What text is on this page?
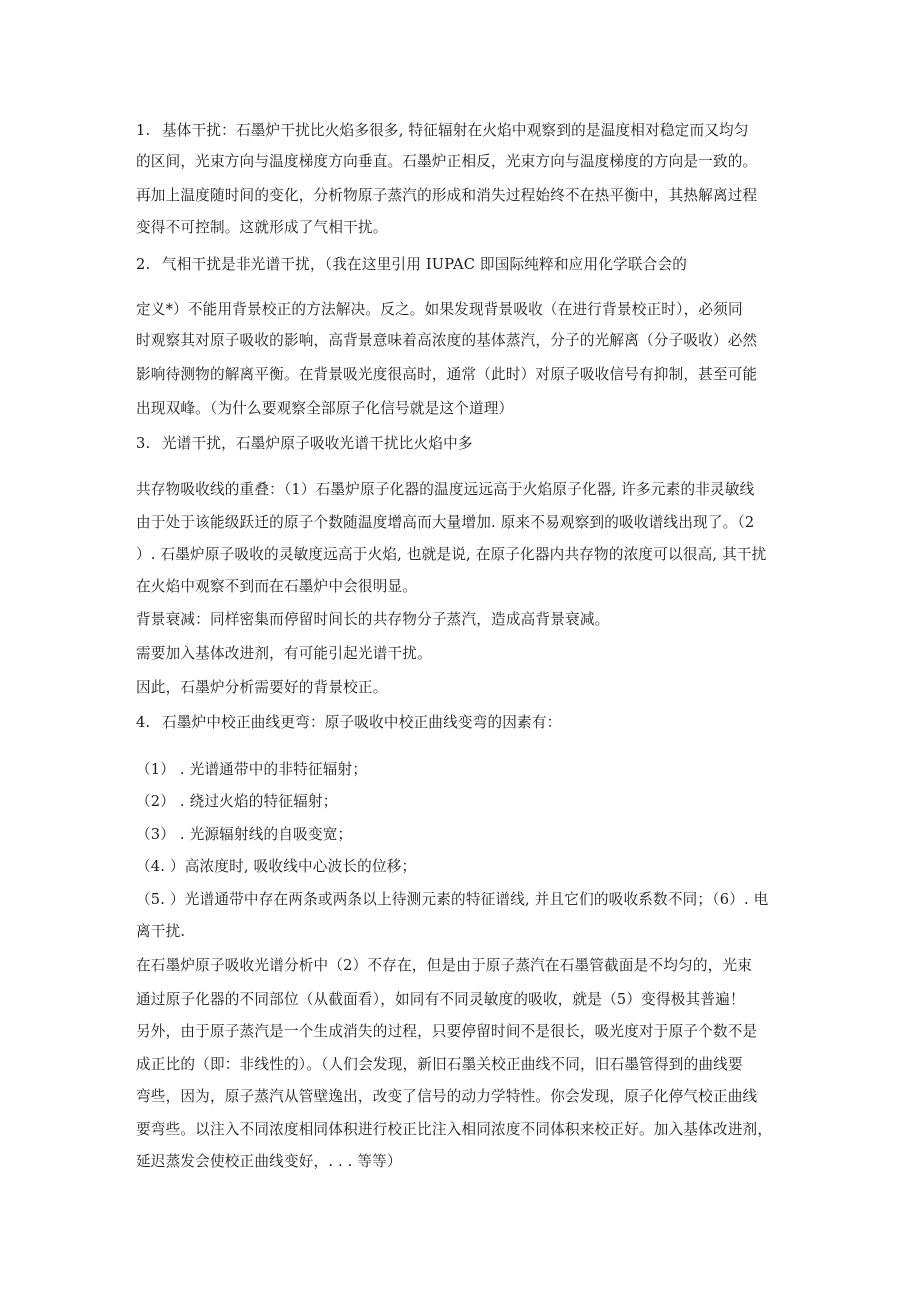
1. 基体干扰：石墨炉干扰比火焰多很多, 特征辐射在火焰中观察到的是温度相对稳定而又均匀
的区间，光束方向与温度梯度方向垂直。石墨炉正相反，光束方向与温度梯度的方向是一致的。
再加上温度随时间的变化，分析物原子蒸汽的形成和消失过程始终不在热平衡中，其热解离过程
变得不可控制。这就形成了气相干扰。
2. 气相干扰是非光谱干扰，（我在这里引用 IUPAC 即国际纯粹和应用化学联合会的
定义*）不能用背景校正的方法解决。反之。如果发现背景吸收（在进行背景校正时），必须同
时观察其对原子吸收的影响，高背景意味着高浓度的基体蒸汽，分子的光解离（分子吸收）必然
影响待测物的解离平衡。在背景吸光度很高时，通常（此时）对原子吸收信号有抑制，甚至可能
出现双峰。（为什么要观察全部原子化信号就是这个道理）
3. 光谱干扰，石墨炉原子吸收光谱干扰比火焰中多
共存物吸收线的重叠：（1）石墨炉原子化器的温度远远高于火焰原子化器, 许多元素的非灵敏线
由于处于该能级跃迁的原子个数随温度增高而大量增加. 原来不易观察到的吸收谱线出现了。（2
）. 石墨炉原子吸收的灵敏度远高于火焰, 也就是说, 在原子化器内共存物的浓度可以很高, 其干扰
在火焰中观察不到而在石墨炉中会很明显。
背景衰减：同样密集而停留时间长的共存物分子蒸汽，造成高背景衰减。
需要加入基体改进剂，有可能引起光谱干扰。
因此，石墨炉分析需要好的背景校正。
4. 石墨炉中校正曲线更弯：原子吸收中校正曲线变弯的因素有：
（1） . 光谱通带中的非特征辐射；
（2） . 绕过火焰的特征辐射；
（3） . 光源辐射线的自吸变宽；
（4. ）高浓度时, 吸收线中心波长的位移；
（5. ）光谱通带中存在两条或两条以上待测元素的特征谱线, 并且它们的吸收系数不同；（6）. 电
离干扰.
在石墨炉原子吸收光谱分析中（2）不存在，但是由于原子蒸汽在石墨管截面是不均匀的，光束
通过原子化器的不同部位（从截面看），如同有不同灵敏度的吸收，就是（5）变得极其普遍！
另外，由于原子蒸汽是一个生成消失的过程，只要停留时间不是很长，吸光度对于原子个数不是
成正比的（即：非线性的）。（人们会发现，新旧石墨关校正曲线不同，旧石墨管得到的曲线要
弯些，因为，原子蒸汽从管壁逸出，改变了信号的动力学特性。你会发现，原子化停气校正曲线
要弯些。以注入不同浓度相同体积进行校正比注入相同浓度不同体积来校正好。加入基体改进剂，
延迟蒸发会使校正曲线变好，. . . 等等）
